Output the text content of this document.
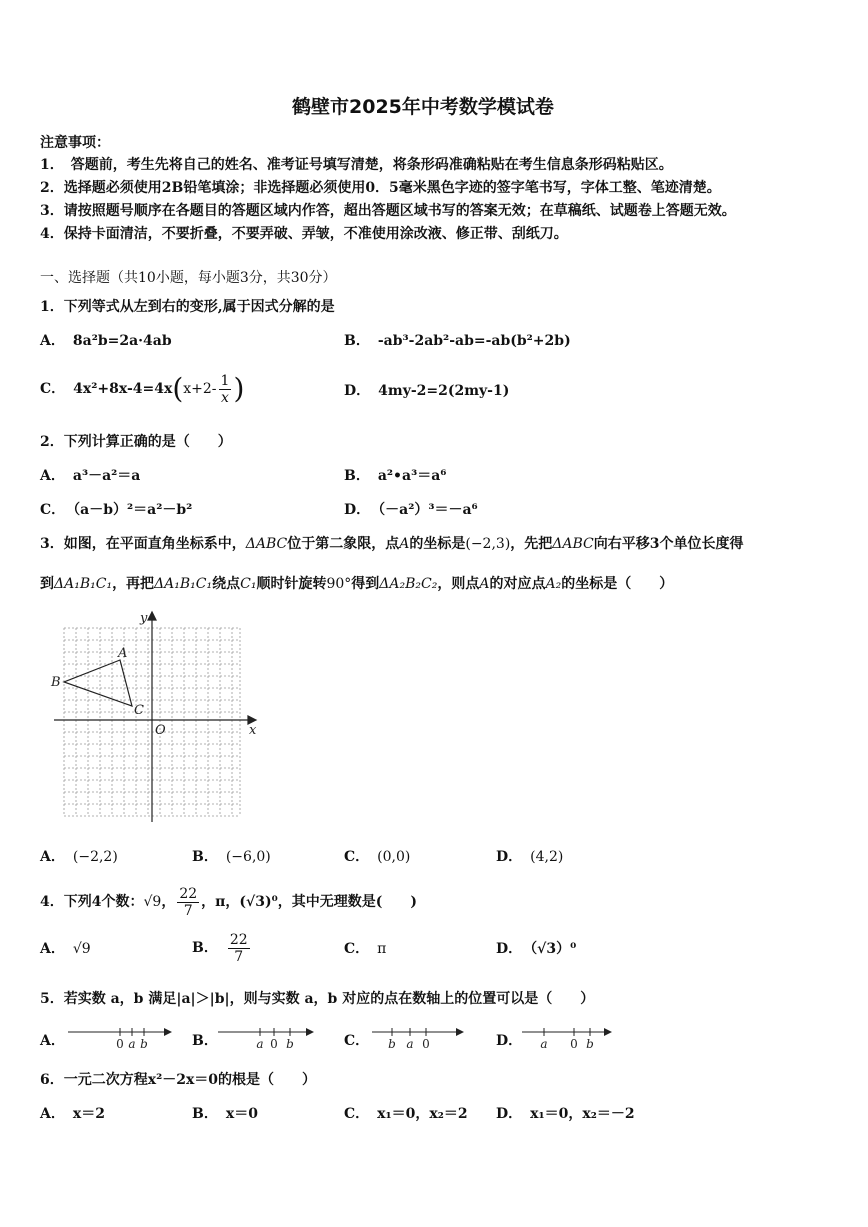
鹤壁市2025年中考数学模试卷
注意事项：
1．　答题前，考生先将自己的姓名、准考证号填写清楚，将条形码准确粘贴在考生信息条形码粘贴区。
2．选择题必须使用2B铅笔填涂；非选择题必须使用0．5毫米黑色字迹的签字笔书写，字体工整、笔迹清楚。
3．请按照题号顺序在各题目的答题区域内作答，超出答题区域书写的答案无效；在草稿纸、试题卷上答题无效。
4．保持卡面清洁，不要折叠，不要弄破、弄皱，不准使用涂改液、修正带、刮纸刀。
一、选择题（共10小题，每小题3分，共30分）
1．下列等式从左到右的变形,属于因式分解的是
A． 8a²b=2a·4ab	B． -ab³-2ab²-ab=-ab(b²+2b)
C． $4x^2+8x-4=4x(x+2- \frac{1}{x}$ )	D． 4my-2=2(2my-1)
2．下列计算正确的是（　　）
A． a³－a²＝a	B． a²•a³＝a⁶
C． （a－b）²＝a²－b²	D． （－a²）³＝－a⁶
3．如图，在平面直角坐标系中，ΔABC位于第二象限，点A的坐标是(−2,3)，先把ΔABC向右平移3个单位长度得
到ΔA₁B₁C₁，再把ΔA₁B₁C₁绕点C₁顺时针旋转90°得到ΔA₂B₂C₂，则点A的对应点A₂的坐标是（　　）
A
B
C
O	x
y
A． (−2,2)	B． (−6,0)	C． (0,0)	D． (4,2)
4．下列4个数：√9， $\frac{22}{7}$ ，π，(√3)⁰，其中无理数是(　　)
A． √9	B． $\frac{22}{7}$	C． π	D． （√3）⁰
5．若实数 a，b 满足|a|＞|b|，则与实数 a，b 对应的点在数轴上的位置可以是（　　）
A．	0 a b	B．	a 0 b	C．	b a 0	D．	a 0 b
6．一元二次方程x²－2x＝0的根是（　　）
A． x＝2	B． x＝0	C． x₁＝0，x₂＝2 D． x₁＝0，x₂＝－2
